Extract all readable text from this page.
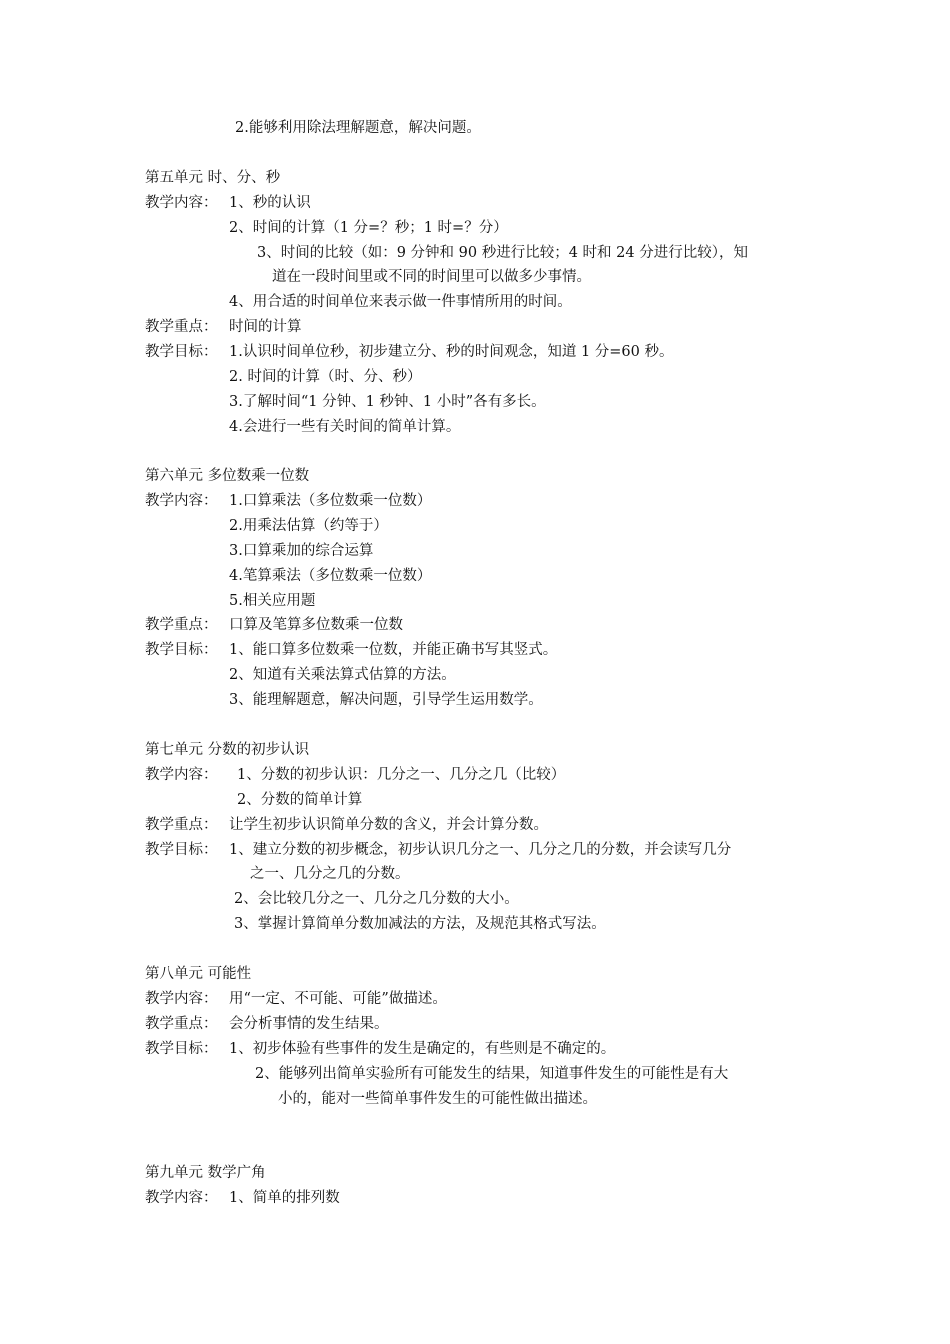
2.能够利用除法理解题意，解决问题。
第五单元 时、分、秒
教学内容： 1、秒的认识
2、时间的计算（1 分=？秒；1 时=？分）
3、时间的比较（如：9 分钟和 90 秒进行比较；4 时和 24 分进行比较），知
道在一段时间里或不同的时间里可以做多少事情。
4、用合适的时间单位来表示做一件事情所用的时间。
教学重点： 时间的计算
教学目标： 1.认识时间单位秒，初步建立分、秒的时间观念，知道 1 分=60 秒。
2. 时间的计算（时、分、秒）
3.了解时间“1 分钟、1 秒钟、1 小时”各有多长。
4.会进行一些有关时间的简单计算。
第六单元 多位数乘一位数
教学内容： 1.口算乘法（多位数乘一位数）
2.用乘法估算（约等于）
3.口算乘加的综合运算
4.笔算乘法（多位数乘一位数）
5.相关应用题
教学重点： 口算及笔算多位数乘一位数
教学目标： 1、能口算多位数乘一位数，并能正确书写其竖式。
2、知道有关乘法算式估算的方法。
3、能理解题意，解决问题，引导学生运用数学。
第七单元 分数的初步认识
教学内容： 1、分数的初步认识：几分之一、几分之几（比较）
2、分数的简单计算
教学重点： 让学生初步认识简单分数的含义，并会计算分数。
教学目标： 1、建立分数的初步概念，初步认识几分之一、几分之几的分数，并会读写几分
之一、几分之几的分数。
2、会比较几分之一、几分之几分数的大小。
3、掌握计算简单分数加减法的方法，及规范其格式写法。
第八单元 可能性
教学内容： 用“一定、不可能、可能”做描述。
教学重点： 会分析事情的发生结果。
教学目标： 1、初步体验有些事件的发生是确定的，有些则是不确定的。
2、能够列出简单实验所有可能发生的结果，知道事件发生的可能性是有大
小的，能对一些简单事件发生的可能性做出描述。
第九单元 数学广角
教学内容： 1、简单的排列数
